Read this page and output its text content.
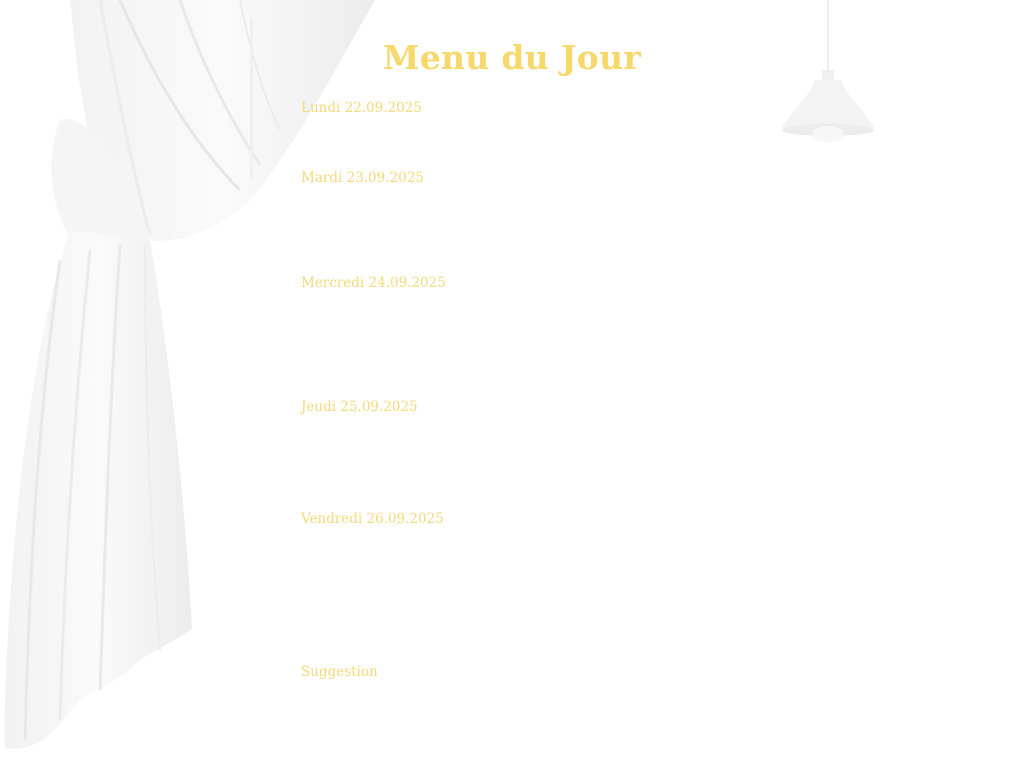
Menu du Jour
Lundi 22.09.2025
Mardi 23.09.2025
Mercredi 24.09.2025
Jeudi 25.09.2025
Vendredi 26.09.2025
Suggestion
